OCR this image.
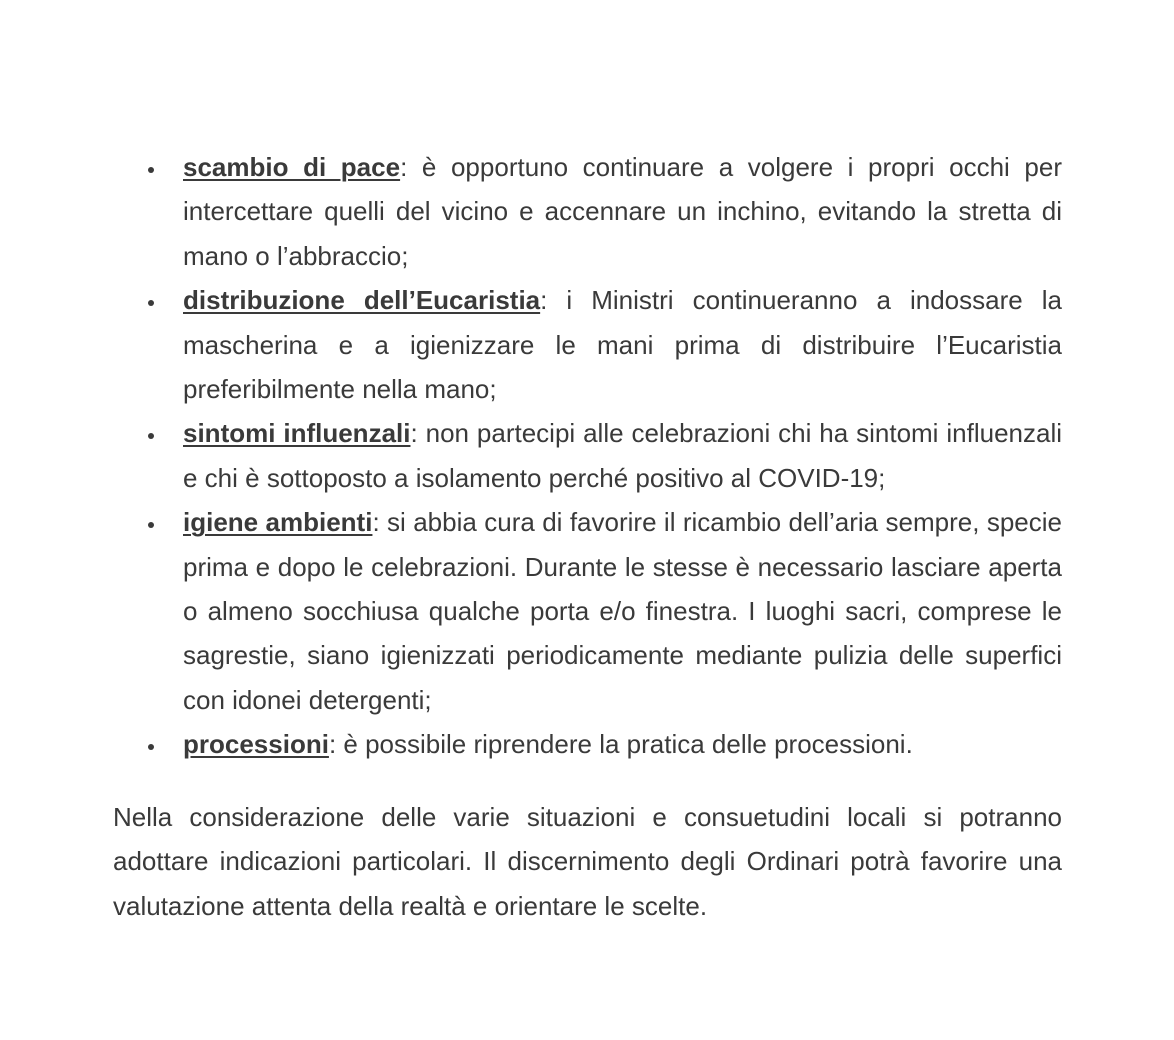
scambio di pace: è opportuno continuare a volgere i propri occhi per intercettare quelli del vicino e accennare un inchino, evitando la stretta di mano o l’abbraccio;
distribuzione dell’Eucaristia: i Ministri continueranno a indossare la mascherina e a igienizzare le mani prima di distribuire l’Eucaristia preferibilmente nella mano;
sintomi influenzali: non partecipi alle celebrazioni chi ha sintomi influenzali e chi è sottoposto a isolamento perché positivo al COVID-19;
igiene ambienti: si abbia cura di favorire il ricambio dell’aria sempre, specie prima e dopo le celebrazioni. Durante le stesse è necessario lasciare aperta o almeno socchiusa qualche porta e/o finestra. I luoghi sacri, comprese le sagrestie, siano igienizzati periodicamente mediante pulizia delle superfici con idonei detergenti;
processioni: è possibile riprendere la pratica delle processioni.

Nella considerazione delle varie situazioni e consuetudini locali si potranno adottare indicazioni particolari. Il discernimento degli Ordinari potrà favorire una valutazione attenta della realtà e orientare le scelte.
